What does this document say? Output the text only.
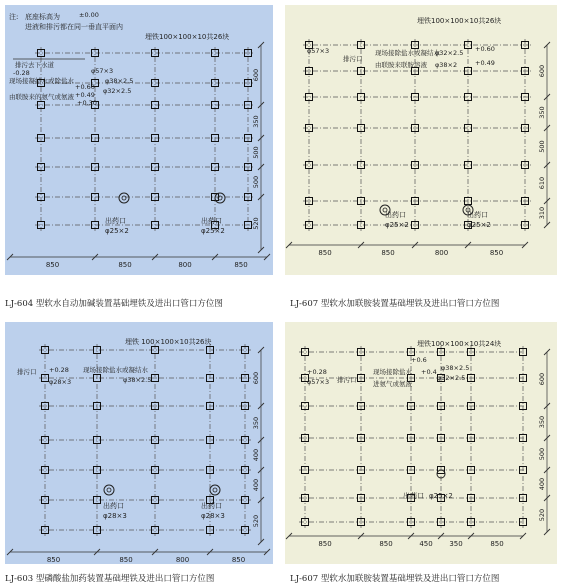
注: 底座标高为	±0.00
进液和排污都在同一垂直平面内
埋铁100×100×10共26块
排污去下水道
-0.28	φ57×3
现场接凝结水或除盐水
+0.60
φ38×2.5
+0.49 φ32×2.5
由联胺来的氨气或氨液
+0.30
出药口
φ25×2
出药口
φ25×2
850	850	800	850
600
350
500
500
520
LJ-604 型软水自动加碱装置基础埋铁及进出口管口方位图
埋铁100×100×10共26块
φ57×3
排污口
现场接除盐水或凝结水
由联胺来联胺溶液
φ32×2.5
φ38×2
+0.60
+0.49
出药口
φ25×2
出药口
φ25×2
850	850	800	850
600
350
500
610
310
LJ-607 型软水加联胺装置基础埋铁及进出口管口方位图
埋铁 100×100×10共26块
排污口 +0.28
φ28×3
现场接除盐水或凝结水
φ38×2.5
出药口
φ28×3
出药口
φ28×3
850	850	800	850
600
350
400
400
520
LJ-603 型磷酸盐加药装置基础埋铁及进出口管口方位图
埋铁100×100×10共24块
+0.28
φ57×3 排污口
现场接除盐水
进氨气或氨液
+0.6
+0.4 φ38×2.5
φ32×2.5
出药口 φ25×2
850	850	450 350	850
600
350
500
400
520
LJ-607 型软水加联胺装置基础埋铁及进出口管口方位图
